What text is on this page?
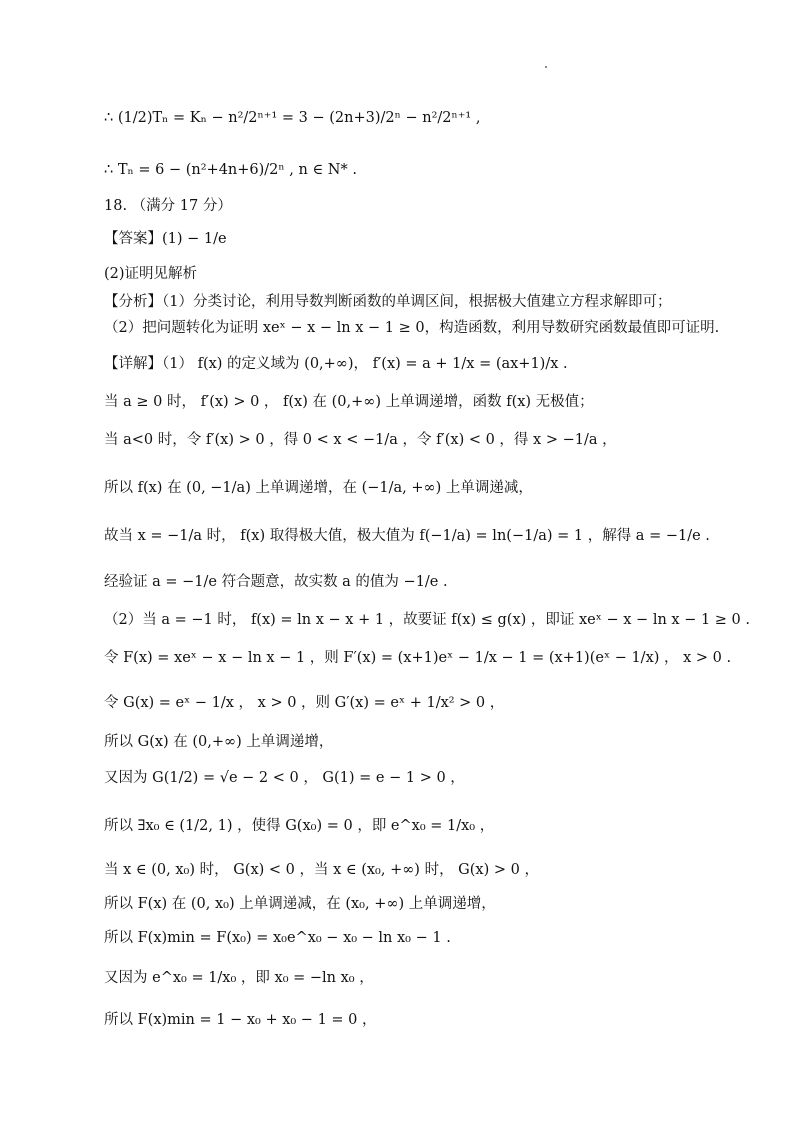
∴ (1/2)Tₙ = Kₙ − n²/2ⁿ⁺¹ = 3 − (2n+3)/2ⁿ − n²/2ⁿ⁺¹ ,
∴ Tₙ = 6 − (n²+4n+6)/2ⁿ , n ∈ N* .
18. （满分 17 分）
【答案】(1) − 1/e
(2)证明见解析
【分析】（1）分类讨论，利用导数判断函数的单调区间，根据极大值建立方程求解即可；
（2）把问题转化为证明 xeˣ − x − ln x − 1 ≥ 0，构造函数，利用导数研究函数最值即可证明.
【详解】（1） f(x) 的定义域为 (0,+∞)， f′(x) = a + 1/x = (ax+1)/x .
当 a ≥ 0 时， f′(x) > 0 ， f(x) 在 (0,+∞) 上单调递增，函数 f(x) 无极值；
当 a<0 时，令 f′(x) > 0 ，得 0 < x < −1/a ，令 f′(x) < 0 ，得 x > −1/a ，
所以 f(x) 在 (0, −1/a) 上单调递增，在 (−1/a, +∞) 上单调递减，
故当 x = −1/a 时， f(x) 取得极大值，极大值为 f(−1/a) = ln(−1/a) = 1 ，解得 a = −1/e .
经验证 a = −1/e 符合题意，故实数 a 的值为 −1/e .
（2）当 a = −1 时， f(x) = ln x − x + 1 ，故要证 f(x) ≤ g(x) ，即证 xeˣ − x − ln x − 1 ≥ 0 .
令 F(x) = xeˣ − x − ln x − 1 ，则 F′(x) = (x+1)eˣ − 1/x − 1 = (x+1)(eˣ − 1/x) ， x > 0 .
令 G(x) = eˣ − 1/x ， x > 0 ，则 G′(x) = eˣ + 1/x² > 0 ，
所以 G(x) 在 (0,+∞) 上单调递增，
又因为 G(1/2) = √e − 2 < 0 ， G(1) = e − 1 > 0 ，
所以 ∃x₀ ∈ (1/2, 1) ，使得 G(x₀) = 0 ，即 e^x₀ = 1/x₀ ，
当 x ∈ (0, x₀) 时， G(x) < 0 ，当 x ∈ (x₀, +∞) 时， G(x) > 0 ，
所以 F(x) 在 (0, x₀) 上单调递减，在 (x₀, +∞) 上单调递增，
所以 F(x)min = F(x₀) = x₀e^x₀ − x₀ − ln x₀ − 1 .
又因为 e^x₀ = 1/x₀ ，即 x₀ = −ln x₀ ，
所以 F(x)min = 1 − x₀ + x₀ − 1 = 0 ，
